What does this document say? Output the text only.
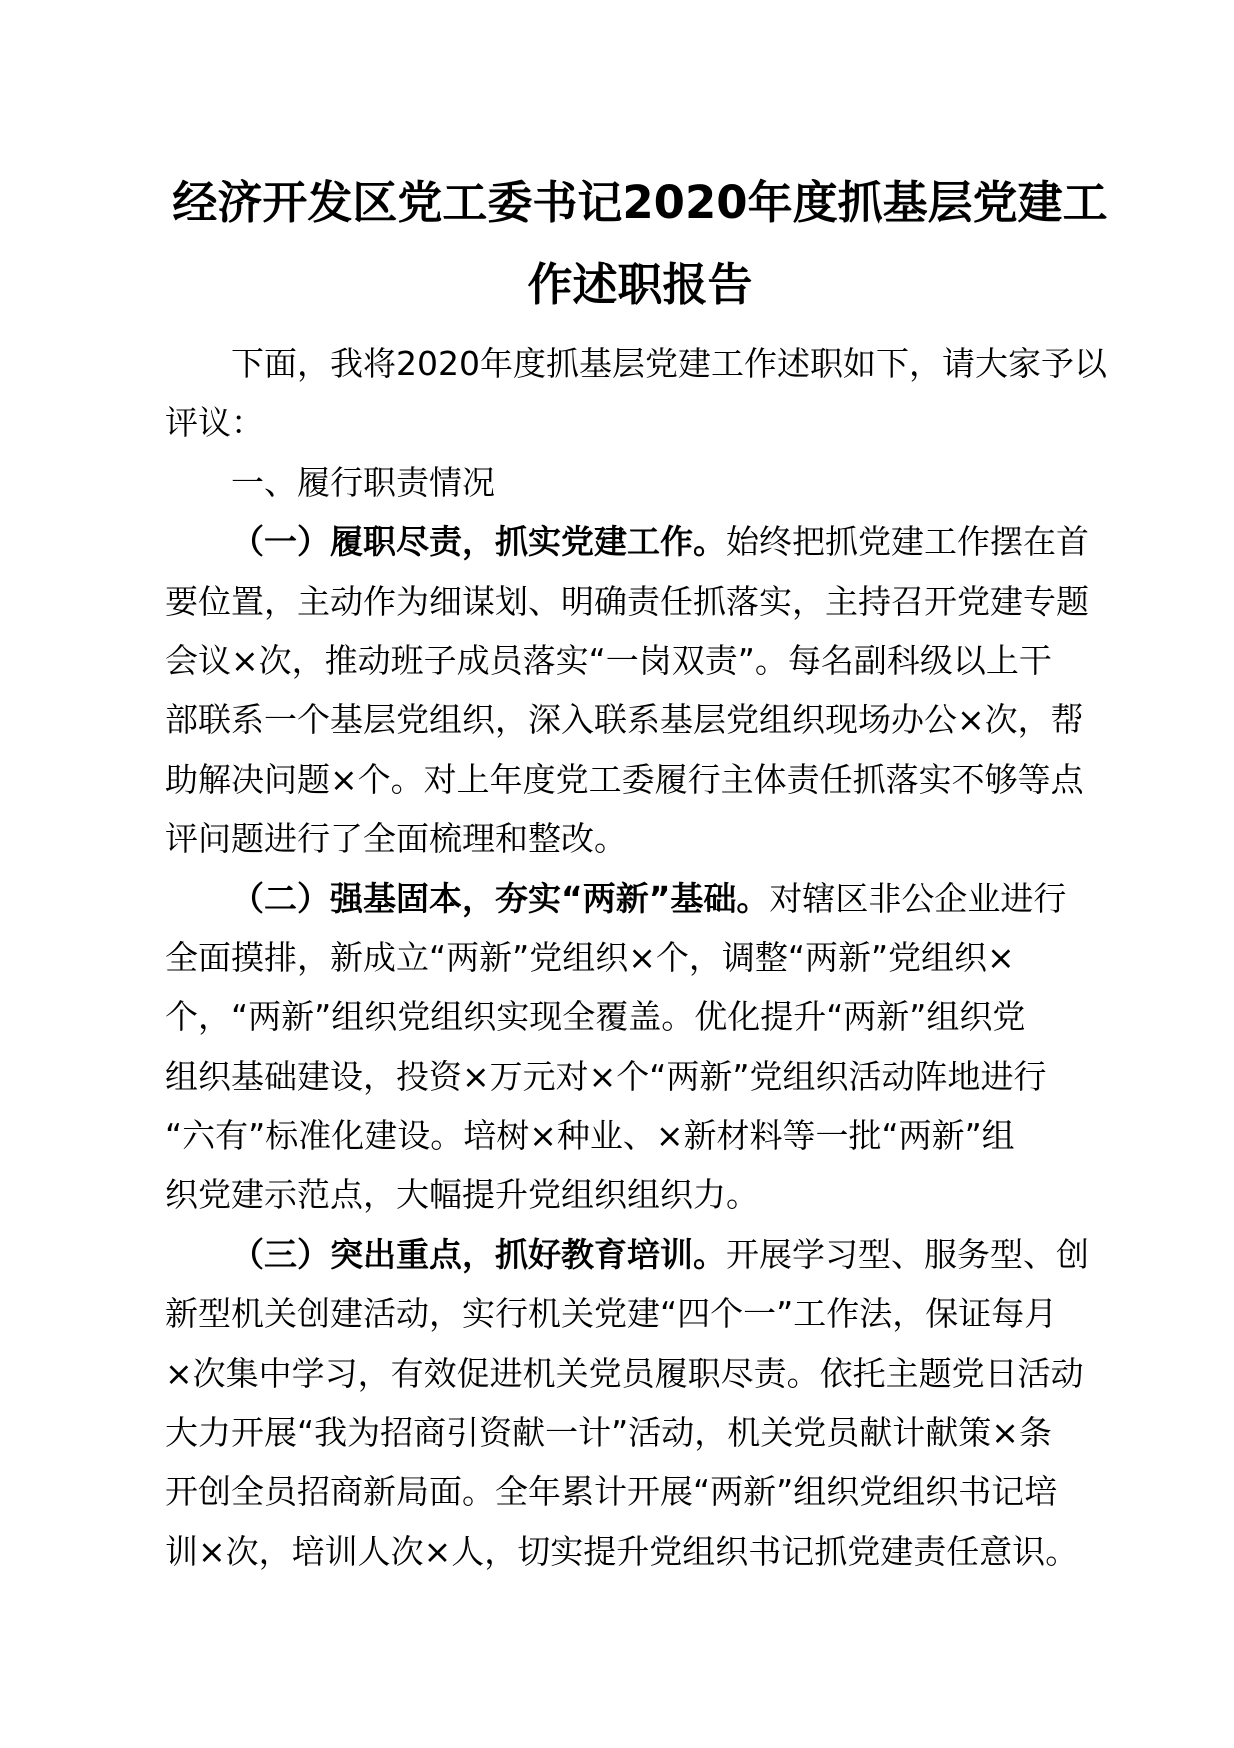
经济开发区党工委书记2020年度抓基层党建工
作述职报告
下面，我将2020年度抓基层党建工作述职如下，请大家予以
评议：
一、履行职责情况
（一）履职尽责，抓实党建工作。始终把抓党建工作摆在首
要位置，主动作为细谋划、明确责任抓落实，主持召开党建专题
会议×次，推动班子成员落实“一岗双责”。每名副科级以上干
部联系一个基层党组织，深入联系基层党组织现场办公×次，帮
助解决问题×个。对上年度党工委履行主体责任抓落实不够等点
评问题进行了全面梳理和整改。
（二）强基固本，夯实“两新”基础。对辖区非公企业进行
全面摸排，新成立“两新”党组织×个，调整“两新”党组织×
个，“两新”组织党组织实现全覆盖。优化提升“两新”组织党
组织基础建设，投资×万元对×个“两新”党组织活动阵地进行
“六有”标准化建设。培树×种业、×新材料等一批“两新”组
织党建示范点，大幅提升党组织组织力。
（三）突出重点，抓好教育培训。开展学习型、服务型、创
新型机关创建活动，实行机关党建“四个一”工作法，保证每月
×次集中学习，有效促进机关党员履职尽责。依托主题党日活动
大力开展“我为招商引资献一计”活动，机关党员献计献策×条
开创全员招商新局面。全年累计开展“两新”组织党组织书记培
训×次，培训人次×人，切实提升党组织书记抓党建责任意识。
